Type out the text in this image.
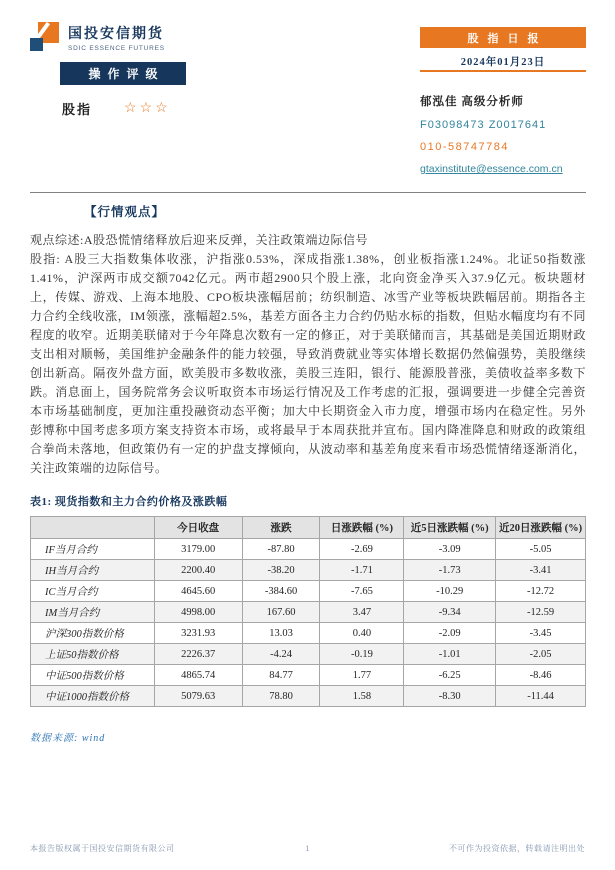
国投安信期货
SDIC ESSENCE FUTURES
股指日报
2024年01月23日
操作评级
股指 ☆☆☆	郁泓佳 高级分析师
F03098473 Z0017641
010-58747784
gtaxinstitute@essence.com.cn
【行情观点】

观点综述:A股恐慌情绪释放后迎来反弹，关注政策端边际信号

股指: A股三大指数集体收涨，沪指涨0.53%，深成指涨1.38%，创业板指涨1.24%。北证50指数涨1.41%，沪深两市成交额7042亿元。两市超2900只个股上涨，北向资金净买入37.9亿元。板块题材上，传媒、游戏、上海本地股、CPO板块涨幅居前；纺织制造、冰雪产业等板块跌幅居前。期指各主力合约全线收涨，IM领涨，涨幅超2.5%，基差方面各主力合约仍贴水标的指数，但贴水幅度均有不同程度的收窄。近期美联储对于今年降息次数有一定的修正，对于美联储而言，其基础是美国近期财政支出相对顺畅，美国维护金融条件的能力较强，导致消费就业等实体增长数据仍然偏强势，美股继续创出新高。隔夜外盘方面，欧美股市多数收涨，美股三连阳，银行、能源股普涨，美债收益率多数下跌。消息面上，国务院常务会议听取资本市场运行情况及工作考虑的汇报，强调要进一步健全完善资本市场基础制度，更加注重投融资动态平衡；加大中长期资金入市力度，增强市场内在稳定性。另外彭博称中国考虑多项方案支持资本市场，或将最早于本周获批并宣布。国内降准降息和财政的政策组合拳尚未落地，但政策仍有一定的护盘支撑倾向，从波动率和基差角度来看市场恐慌情绪逐渐消化，关注政策端的边际信号。

表1: 现货指数和主力合约价格及涨跌幅
	今日收盘	涨跌	日涨跌幅 (%)	近5日涨跌幅 (%)	近20日涨跌幅 (%)
IF当月合约	3179.00	-87.80	-2.69	-3.09	-5.05
IH当月合约	2200.40	-38.20	-1.71	-1.73	-3.41
IC当月合约	4645.60	-384.60	-7.65	-10.29	-12.72
IM当月合约	4998.00	167.60	3.47	-9.34	-12.59
沪深300指数价格	3231.93	13.03	0.40	-2.09	-3.45
上证50指数价格	2226.37	-4.24	-0.19	-1.01	-2.05
中证500指数价格	4865.74	84.77	1.77	-6.25	-8.46
中证1000指数价格	5079.63	78.80	1.58	-8.30	-11.44
数据来源: wind
本报告版权属于国投安信期货有限公司	1	不可作为投资依据，转载请注明出处
